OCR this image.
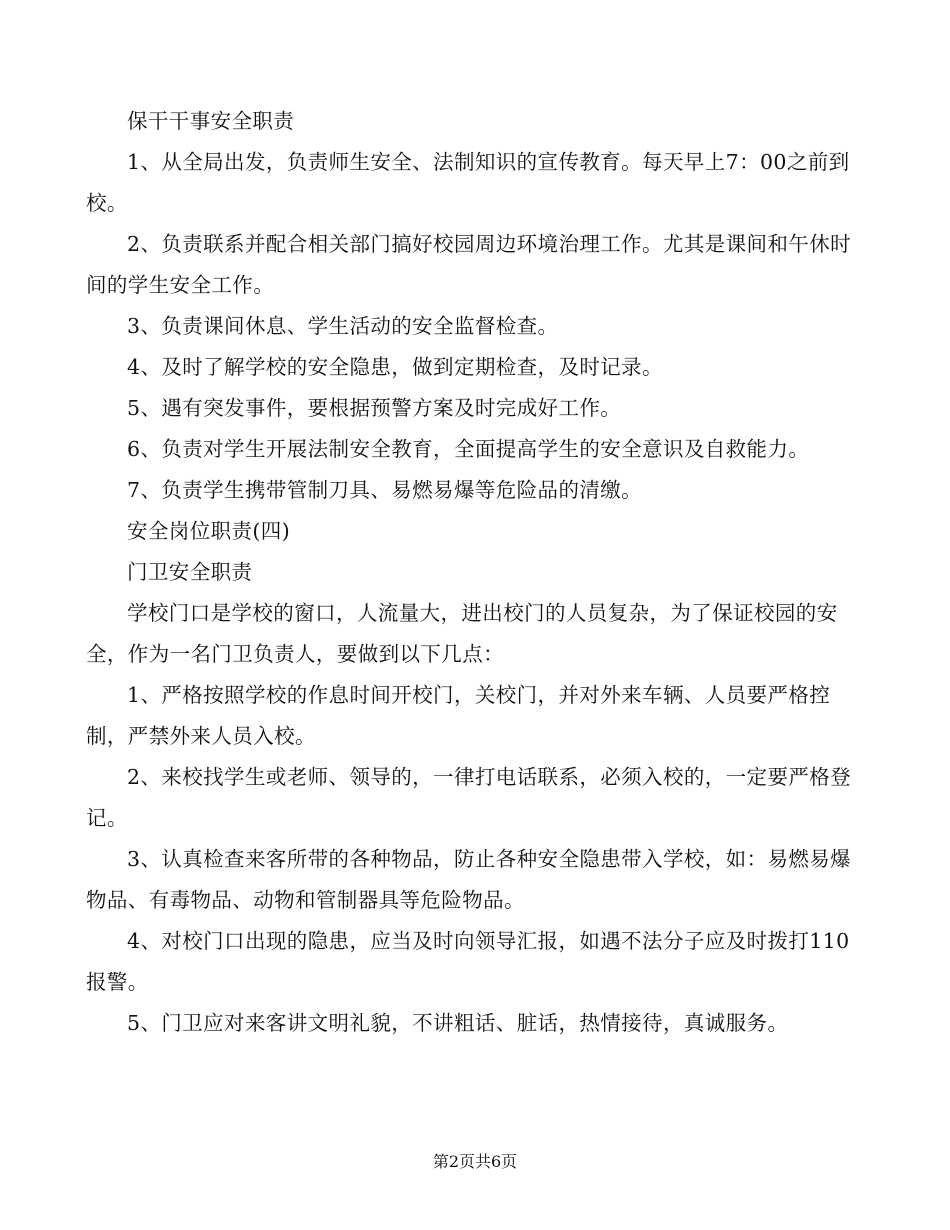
保干干事安全职责

1、从全局出发，负责师生安全、法制知识的宣传教育。每天早上7：00之前到校。

2、负责联系并配合相关部门搞好校园周边环境治理工作。尤其是课间和午休时间的学生安全工作。

3、负责课间休息、学生活动的安全监督检查。

4、及时了解学校的安全隐患，做到定期检查，及时记录。

5、遇有突发事件，要根据预警方案及时完成好工作。

6、负责对学生开展法制安全教育，全面提高学生的安全意识及自救能力。

7、负责学生携带管制刀具、易燃易爆等危险品的清缴。

安全岗位职责(四)

门卫安全职责

学校门口是学校的窗口，人流量大，进出校门的人员复杂，为了保证校园的安全，作为一名门卫负责人，要做到以下几点：

1、严格按照学校的作息时间开校门，关校门，并对外来车辆、人员要严格控制，严禁外来人员入校。

2、来校找学生或老师、领导的，一律打电话联系，必须入校的，一定要严格登记。

3、认真检查来客所带的各种物品，防止各种安全隐患带入学校，如：易燃易爆物品、有毒物品、动物和管制器具等危险物品。

4、对校门口出现的隐患，应当及时向领导汇报，如遇不法分子应及时拨打110报警。

5、门卫应对来客讲文明礼貌，不讲粗话、脏话，热情接待，真诚服务。

第2页共6页
